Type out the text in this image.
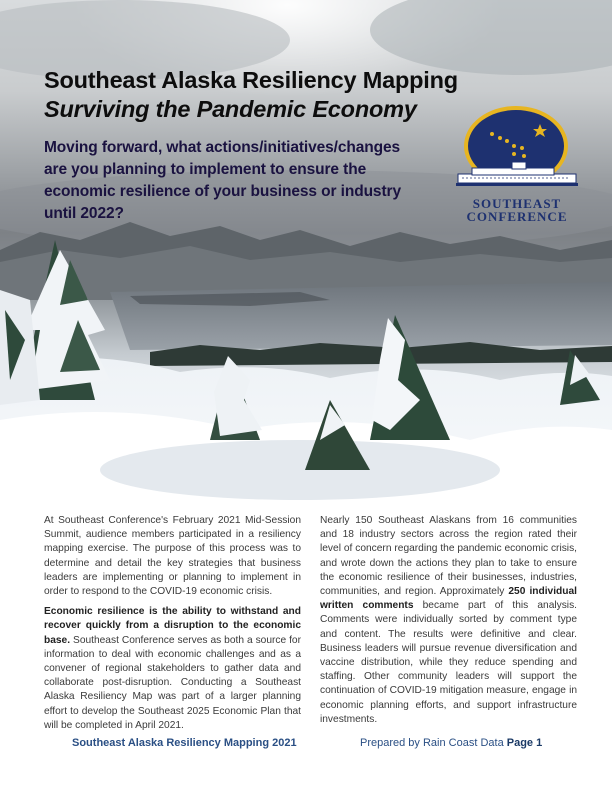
Southeast Alaska Resiliency Mapping
Surviving the Pandemic Economy
Moving forward, what actions/initiatives/changes are you planning to implement to ensure the economic resilience of your business or industry until 2022?
SOUTHEAST
CONFERENCE

At Southeast Conference's February 2021 Mid-Session Summit, audience members participated in a resiliency mapping exercise. The purpose of this process was to determine and detail the key strategies that business leaders are implementing or planning to implement in order to respond to the COVID-19 economic crisis.

Economic resilience is the ability to withstand and recover quickly from a disruption to the economic base. Southeast Conference serves as both a source for information to deal with economic challenges and as a convener of regional stakeholders to gather data and collaborate post-disruption. Conducting a Southeast Alaska Resiliency Map was part of a larger planning effort to develop the Southeast 2025 Economic Plan that will be completed in April 2021.

Nearly 150 Southeast Alaskans from 16 communities and 18 industry sectors across the region rated their level of concern regarding the pandemic economic crisis, and wrote down the actions they plan to take to ensure the economic resilience of their businesses, industries, communities, and region. Approximately 250 individual written comments became part of this analysis. Comments were individually sorted by comment type and content. The results were definitive and clear. Business leaders will pursue revenue diversification and vaccine distribution, while they reduce spending and staffing. Other community leaders will support the continuation of COVID-19 mitigation measure, engage in economic planning efforts, and support infrastructure investments.

Southeast Alaska Resiliency Mapping 2021	Prepared by Rain Coast Data Page 1
